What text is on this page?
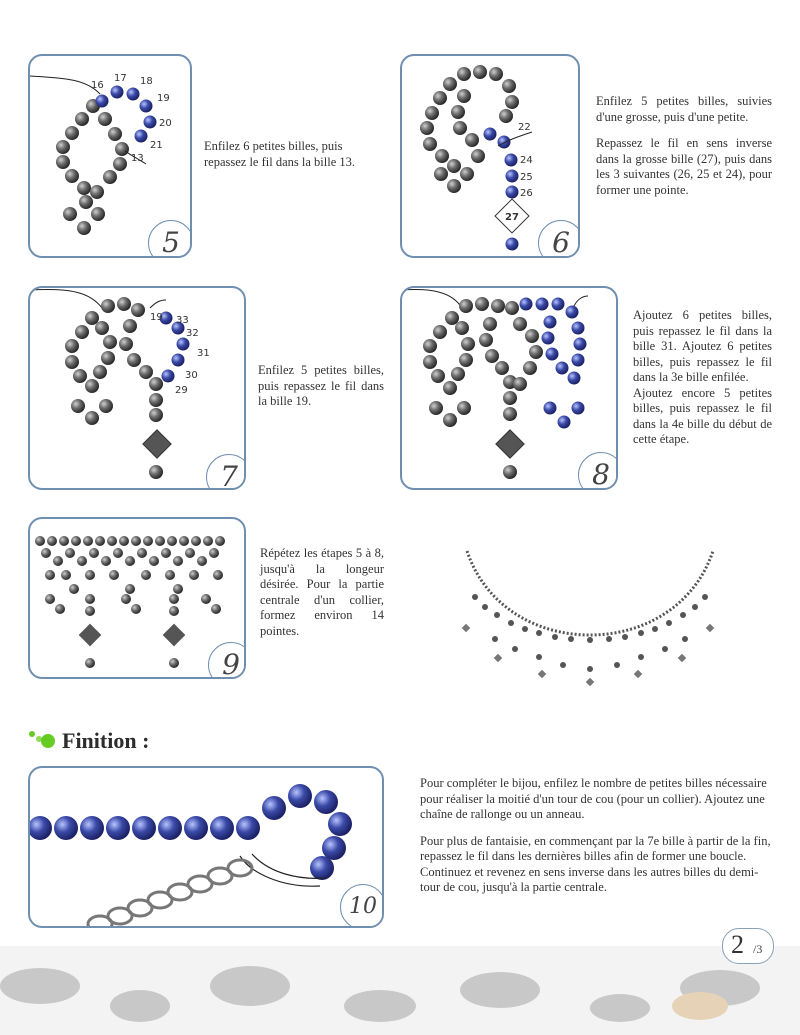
16
17 18
19
20
21
13
5

Enfilez 6 petites billes, puis repassez le fil dans la bille 13.

22
24
25
26
27
6

Enfilez 5 petites billes, suivies d'une grosse, puis d'une petite.

Repassez le fil en sens inverse dans la grosse bille (27), puis dans les 3 suivantes (26, 25 et 24), pour former une pointe.

19 33
32
31
30
29
7

Enfilez 5 petites billes, puis repassez le fil dans la bille 19.

8

Ajoutez 6 petites billes, puis repassez le fil dans la bille 31. Ajoutez 6 petites billes, puis repassez le fil dans la 3e bille enfilée.

Ajoutez encore 5 petites billes, puis repassez le fil dans la 4e bille du début de cette étape.

9

Répétez les étapes 5 à 8, jusqu'à la longeur désirée. Pour la partie centrale d'un collier, formez environ 14 pointes.

Finition :
10

Pour compléter le bijou, enfilez le nombre de petites billes nécessaire pour réaliser la moitié d'un tour de cou (pour un collier). Ajoutez une chaîne de rallonge ou un anneau.

Pour plus de fantaisie, en commençant par la 7e bille à partir de la fin, repassez le fil dans les dernières billes afin de former une boucle. Continuez et revenez en sens inverse dans les autres billes du demi-tour de cou, jusqu'à la partie centrale.

2 /3
